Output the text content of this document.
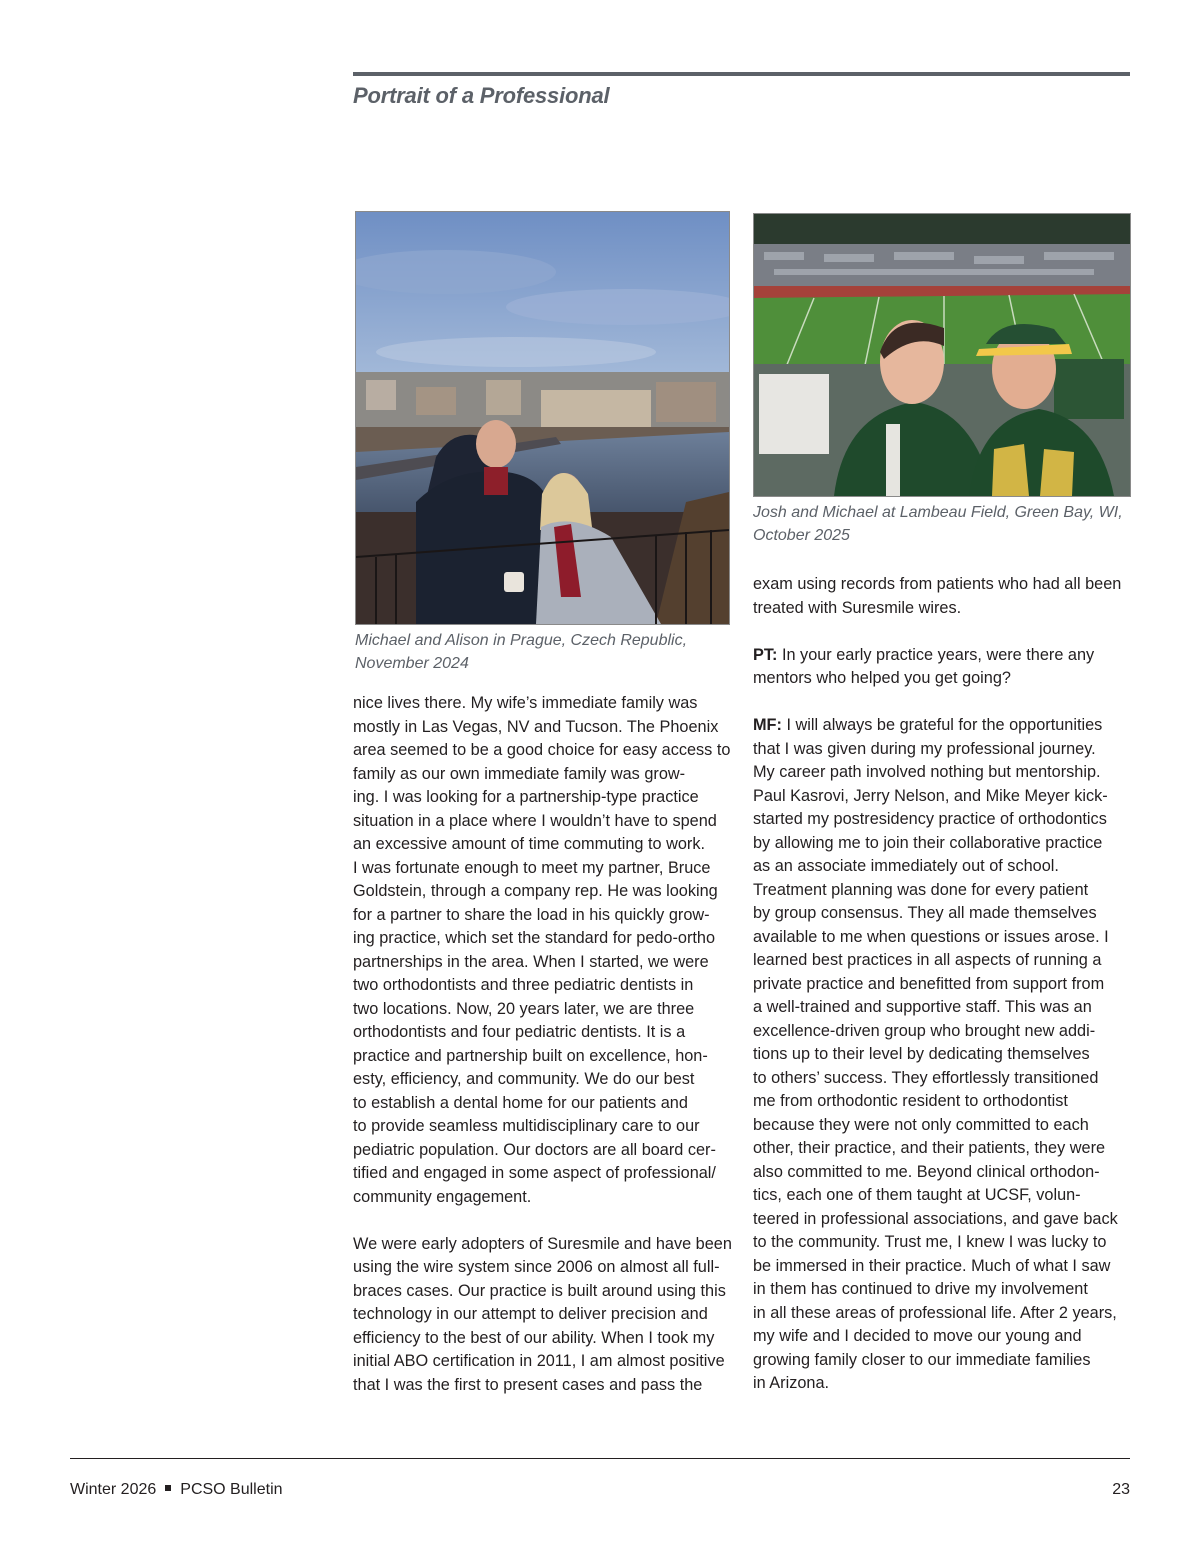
Portrait of a Professional

Michael and Alison in Prague, Czech Republic,
November 2024

Josh and Michael at Lambeau Field, Green Bay, WI,
October 2025

nice lives there. My wife’s immediate family was

mostly in Las Vegas, NV and Tucson. The Phoenix

area seemed to be a good choice for easy access to

family as our own immediate family was grow-

ing. I was looking for a partnership-type practice

situation in a place where I wouldn’t have to spend

an excessive amount of time commuting to work.

I was fortunate enough to meet my partner, Bruce

Goldstein, through a company rep. He was looking

for a partner to share the load in his quickly grow-

ing practice, which set the standard for pedo-ortho

partnerships in the area. When I started, we were

two orthodontists and three pediatric dentists in

two locations. Now, 20 years later, we are three

orthodontists and four pediatric dentists. It is a

practice and partnership built on excellence, hon-

esty, efficiency, and community. We do our best

to establish a dental home for our patients and

to provide seamless multidisciplinary care to our

pediatric population. Our doctors are all board cer-

tified and engaged in some aspect of professional/

community engagement.

We were early adopters of Suresmile and have been

using the wire system since 2006 on almost all full-

braces cases. Our practice is built around using this

technology in our attempt to deliver precision and

efficiency to the best of our ability. When I took my

initial ABO certification in 2011, I am almost positive

that I was the first to present cases and pass the

exam using records from patients who had all been

treated with Suresmile wires.

PT: In your early practice years, were there any

mentors who helped you get going?

MF: I will always be grateful for the opportunities

that I was given during my professional journey.

My career path involved nothing but mentorship.

Paul Kasrovi, Jerry Nelson, and Mike Meyer kick-

started my postresidency practice of orthodontics

by allowing me to join their collaborative practice

as an associate immediately out of school.

Treatment planning was done for every patient

by group consensus. They all made themselves

available to me when questions or issues arose. I

learned best practices in all aspects of running a

private practice and benefitted from support from

a well-trained and supportive staff. This was an

excellence-driven group who brought new addi-

tions up to their level by dedicating themselves

to others’ success. They effortlessly transitioned

me from orthodontic resident to orthodontist

because they were not only committed to each

other, their practice, and their patients, they were

also committed to me. Beyond clinical orthodon-

tics, each one of them taught at UCSF, volun-

teered in professional associations, and gave back

to the community. Trust me, I knew I was lucky to

be immersed in their practice. Much of what I saw

in them has continued to drive my involvement

in all these areas of professional life. After 2 years,

my wife and I decided to move our young and

growing family closer to our immediate families

in Arizona.

Winter 2026 PCSO Bulletin	23
